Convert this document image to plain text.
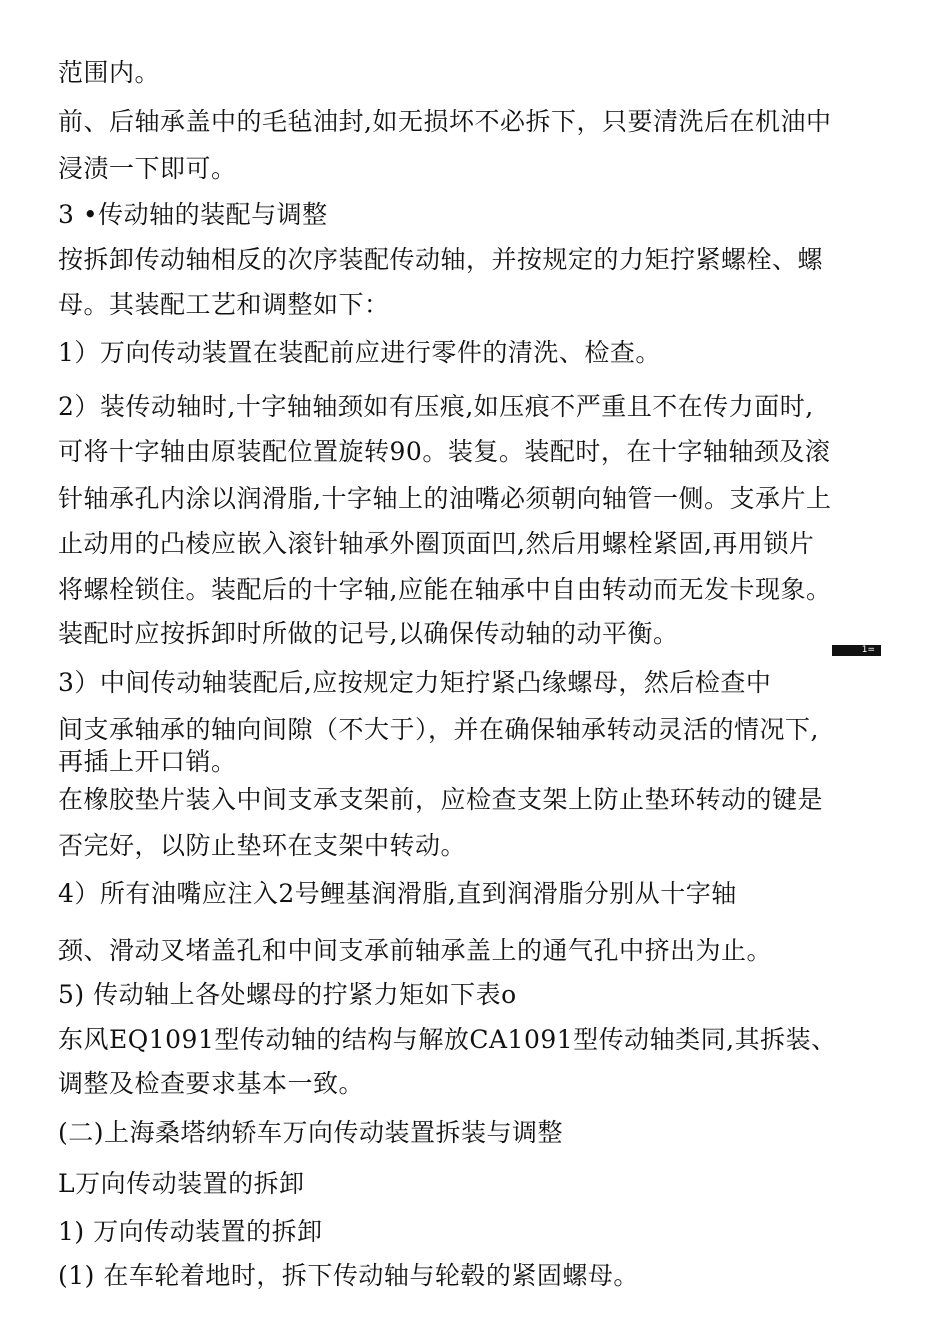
范围内。

前、后轴承盖中的毛毡油封,如无损坏不必拆下，只要清洗后在机油中

浸渍一下即可。

3 •传动轴的装配与调整

按拆卸传动轴相反的次序装配传动轴，并按规定的力矩拧紧螺栓、螺

母。其装配工艺和调整如下：

1）万向传动装置在装配前应进行零件的清洗、检查。

2）装传动轴时,十字轴轴颈如有压痕,如压痕不严重且不在传力面时,

可将十字轴由原装配位置旋转90。装复。装配时，在十字轴轴颈及滚

针轴承孔内涂以润滑脂,十字轴上的油嘴必须朝向轴管一侧。支承片上

止动用的凸棱应嵌入滚针轴承外圈顶面凹,然后用螺栓紧固,再用锁片

将螺栓锁住。装配后的十字轴,应能在轴承中自由转动而无发卡现象。

装配时应按拆卸时所做的记号,以确保传动轴的动平衡。

3）中间传动轴装配后,应按规定力矩拧紧凸缘螺母，然后检查中

1=

间支承轴承的轴向间隙（不大于），并在确保轴承转动灵活的情况下,

再插上开口销。

在橡胶垫片装入中间支承支架前，应检查支架上防止垫环转动的键是

否完好，以防止垫环在支架中转动。

4）所有油嘴应注入2号鲤基润滑脂,直到润滑脂分别从十字轴

颈、滑动叉堵盖孔和中间支承前轴承盖上的通气孔中挤出为止。

5) 传动轴上各处螺母的拧紧力矩如下表o

东风EQ1091型传动轴的结构与解放CA1091型传动轴类同,其拆装、

调整及检查要求基本一致。

(二)上海桑塔纳轿车万向传动装置拆装与调整

L万向传动装置的拆卸

1) 万向传动装置的拆卸

(1) 在车轮着地时，拆下传动轴与轮毂的紧固螺母。
